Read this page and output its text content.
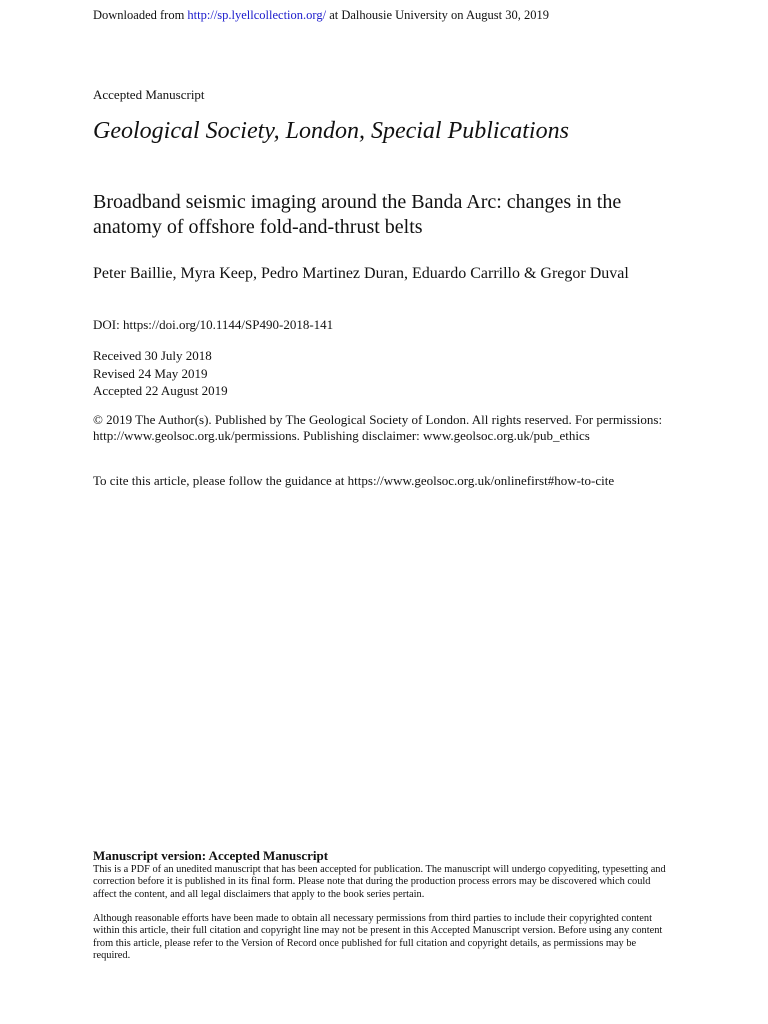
Downloaded from http://sp.lyellcollection.org/ at Dalhousie University on August 30, 2019
Accepted Manuscript
Geological Society, London, Special Publications
Broadband seismic imaging around the Banda Arc: changes in the anatomy of offshore fold-and-thrust belts
Peter Baillie, Myra Keep, Pedro Martinez Duran, Eduardo Carrillo & Gregor Duval
DOI: https://doi.org/10.1144/SP490-2018-141
Received 30 July 2018
Revised 24 May 2019
Accepted 22 August 2019
© 2019 The Author(s). Published by The Geological Society of London. All rights reserved. For permissions: http://www.geolsoc.org.uk/permissions. Publishing disclaimer: www.geolsoc.org.uk/pub_ethics
To cite this article, please follow the guidance at https://www.geolsoc.org.uk/onlinefirst#how-to-cite
Manuscript version: Accepted Manuscript
This is a PDF of an unedited manuscript that has been accepted for publication. The manuscript will undergo copyediting, typesetting and correction before it is published in its final form. Please note that during the production process errors may be discovered which could affect the content, and all legal disclaimers that apply to the book series pertain.
Although reasonable efforts have been made to obtain all necessary permissions from third parties to include their copyrighted content within this article, their full citation and copyright line may not be present in this Accepted Manuscript version. Before using any content from this article, please refer to the Version of Record once published for full citation and copyright details, as permissions may be required.
